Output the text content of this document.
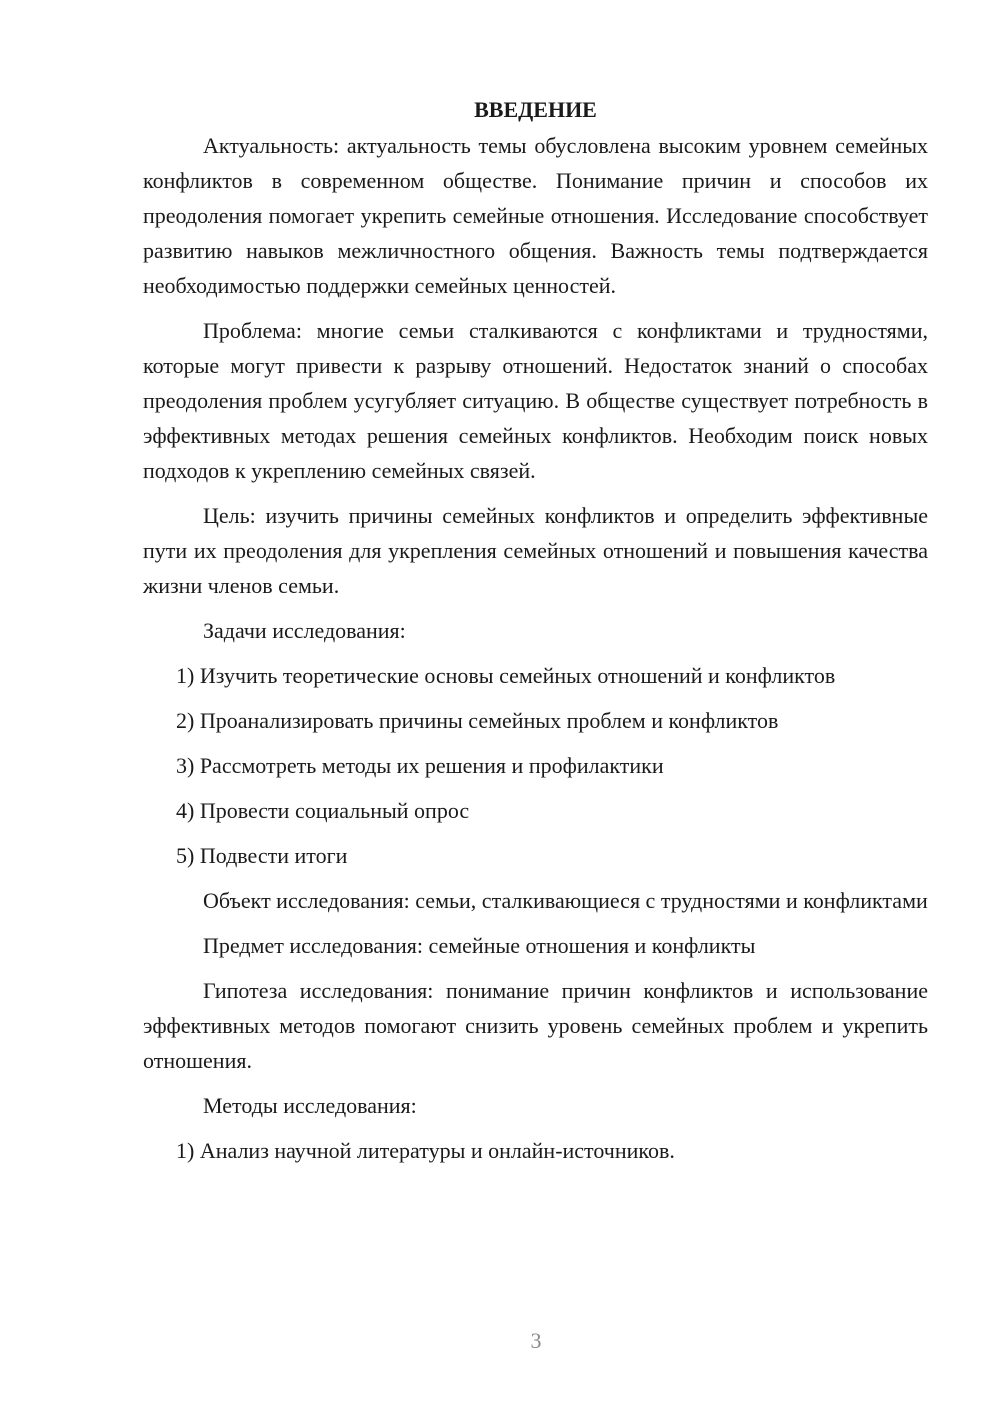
ВВЕДЕНИЕ

Актуальность: актуальность темы обусловлена высоким уровнем семейных конфликтов в современном обществе. Понимание причин и способов их преодоления помогает укрепить семейные отношения. Исследование способствует развитию навыков межличностного общения. Важность темы подтверждается необходимостью поддержки семейных ценностей.

Проблема: многие семьи сталкиваются с конфликтами и трудностями, которые могут привести к разрыву отношений. Недостаток знаний о способах преодоления проблем усугубляет ситуацию. В обществе существует потребность в эффективных методах решения семейных конфликтов. Необходим поиск новых подходов к укреплению семейных связей.

Цель: изучить причины семейных конфликтов и определить эффективные пути их преодоления для укрепления семейных отношений и повышения качества жизни членов семьи.

Задачи исследования:

1) Изучить теоретические основы семейных отношений и конфликтов
2) Проанализировать причины семейных проблем и конфликтов
3) Рассмотреть методы их решения и профилактики
4) Провести социальный опрос
5) Подвести итоги

Объект исследования: семьи, сталкивающиеся с трудностями и конфликтами

Предмет исследования: семейные отношения и конфликты

Гипотеза исследования: понимание причин конфликтов и использование эффективных методов помогают снизить уровень семейных проблем и укрепить отношения.

Методы исследования:

1) Анализ научной литературы и онлайн-источников.
3
